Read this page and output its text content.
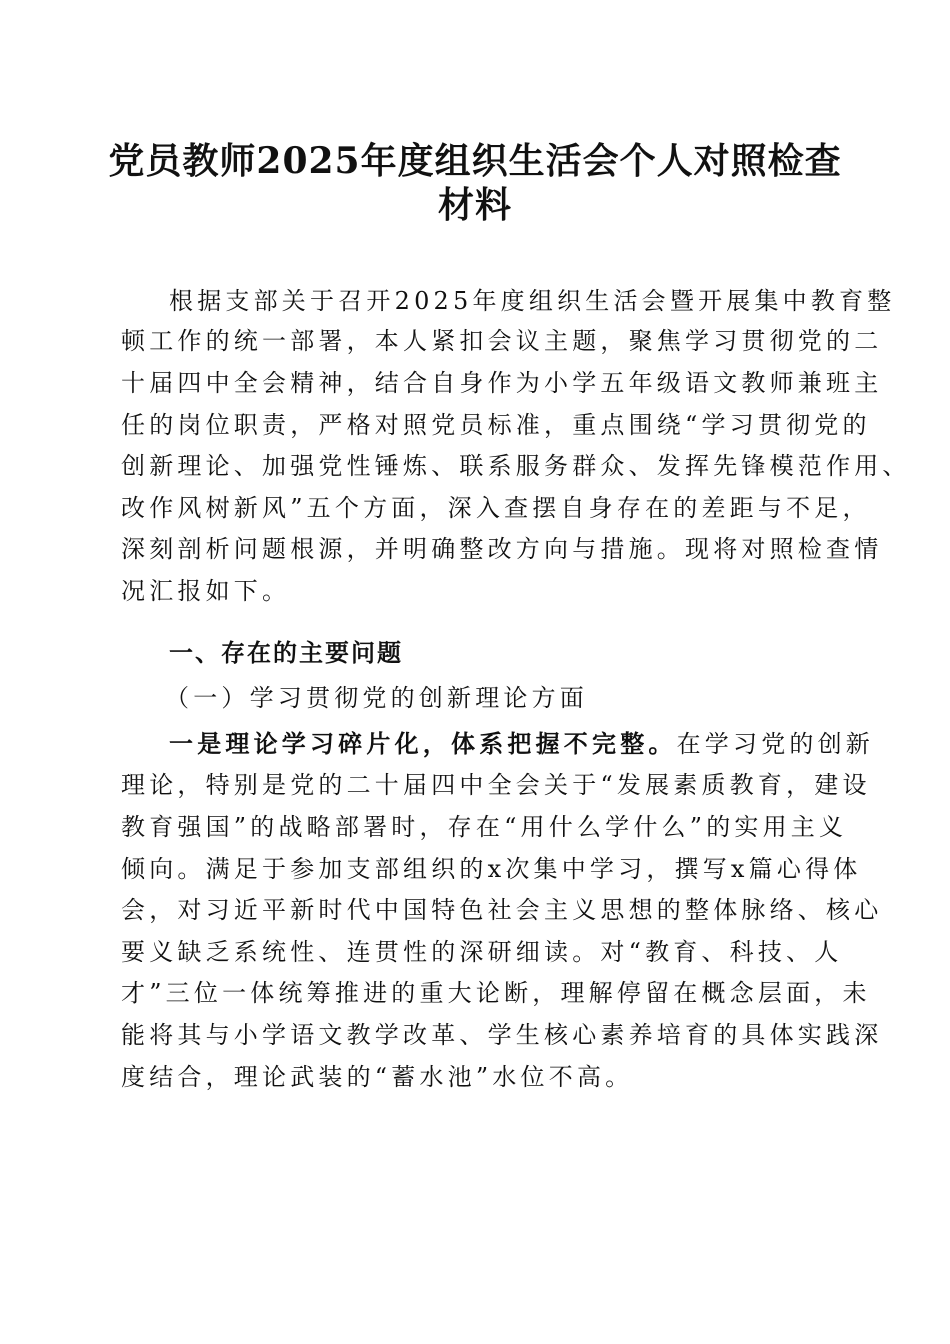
党员教师2025年度组织生活会个人对照检查
材料
根据支部关于召开2025年度组织生活会暨开展集中教育整
顿工作的统一部署，本人紧扣会议主题，聚焦学习贯彻党的二
十届四中全会精神，结合自身作为小学五年级语文教师兼班主
任的岗位职责，严格对照党员标准，重点围绕“学习贯彻党的
创新理论、加强党性锤炼、联系服务群众、发挥先锋模范作用、
改作风树新风”五个方面，深入查摆自身存在的差距与不足，
深刻剖析问题根源，并明确整改方向与措施。现将对照检查情
况汇报如下。
一、存在的主要问题
（一）学习贯彻党的创新理论方面
一是理论学习碎片化，体系把握不完整。在学习党的创新
理论，特别是党的二十届四中全会关于“发展素质教育，建设
教育强国”的战略部署时，存在“用什么学什么”的实用主义
倾向。满足于参加支部组织的x次集中学习，撰写x篇心得体
会，对习近平新时代中国特色社会主义思想的整体脉络、核心
要义缺乏系统性、连贯性的深研细读。对“教育、科技、人
才”三位一体统筹推进的重大论断，理解停留在概念层面，未
能将其与小学语文教学改革、学生核心素养培育的具体实践深
度结合，理论武装的“蓄水池”水位不高。
